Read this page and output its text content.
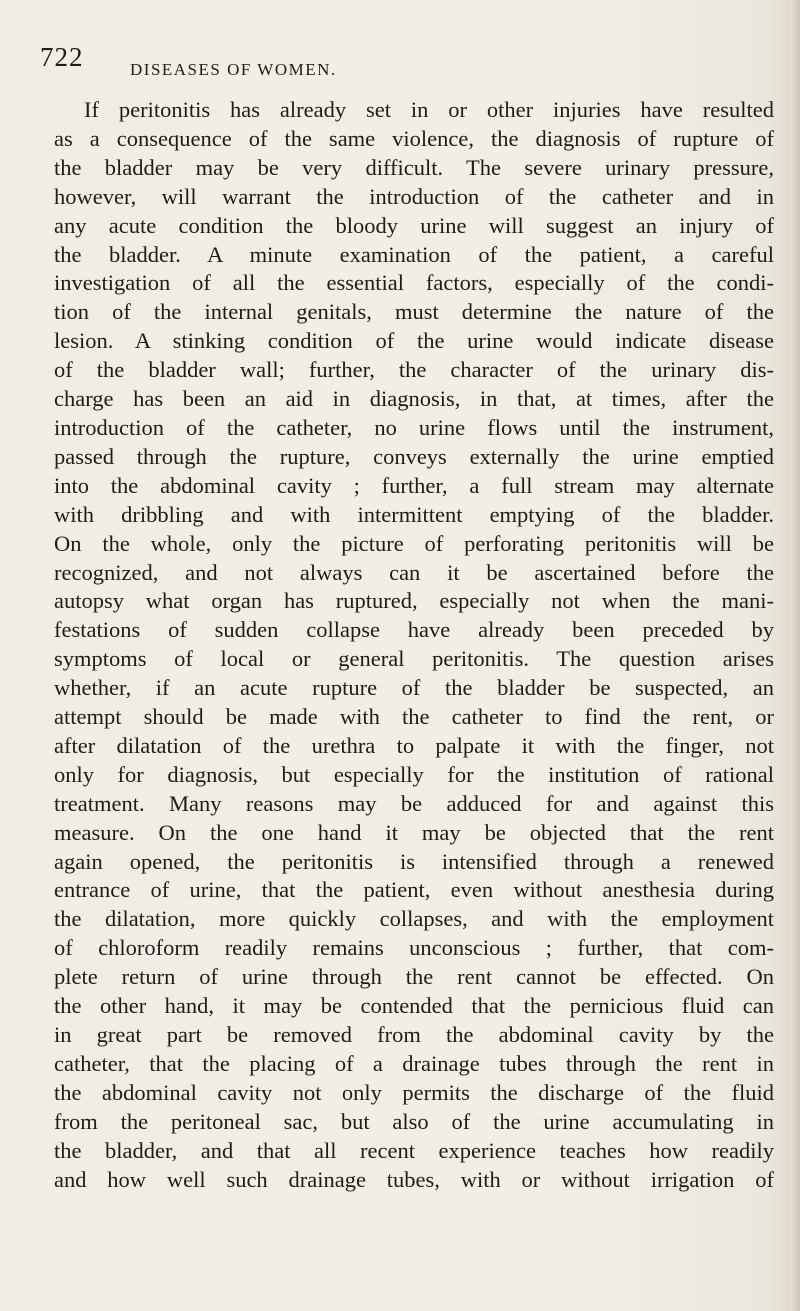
722	DISEASES OF WOMEN.
If peritonitis has already set in or other injuries have resulted
as a consequence of the same violence, the diagnosis of rupture of
the bladder may be very difficult. The severe urinary pressure,
however, will warrant the introduction of the catheter and in
any acute condition the bloody urine will suggest an injury of
the bladder. A minute examination of the patient, a careful
investigation of all the essential factors, especially of the condi-
tion of the internal genitals, must determine the nature of the
lesion. A stinking condition of the urine would indicate disease
of the bladder wall; further, the character of the urinary dis-
charge has been an aid in diagnosis, in that, at times, after the
introduction of the catheter, no urine flows until the instrument,
passed through the rupture, conveys externally the urine emptied
into the abdominal cavity ; further, a full stream may alternate
with dribbling and with intermittent emptying of the bladder.
On the whole, only the picture of perforating peritonitis will be
recognized, and not always can it be ascertained before the
autopsy what organ has ruptured, especially not when the mani-
festations of sudden collapse have already been preceded by
symptoms of local or general peritonitis. The question arises
whether, if an acute rupture of the bladder be suspected, an
attempt should be made with the catheter to find the rent, or
after dilatation of the urethra to palpate it with the finger, not
only for diagnosis, but especially for the institution of rational
treatment. Many reasons may be adduced for and against this
measure. On the one hand it may be objected that the rent
again opened, the peritonitis is intensified through a renewed
entrance of urine, that the patient, even without anesthesia during
the dilatation, more quickly collapses, and with the employment
of chloroform readily remains unconscious ; further, that com-
plete return of urine through the rent cannot be effected. On
the other hand, it may be contended that the pernicious fluid can
in great part be removed from the abdominal cavity by the
catheter, that the placing of a drainage tubes through the rent in
the abdominal cavity not only permits the discharge of the fluid
from the peritoneal sac, but also of the urine accumulating in
the bladder, and that all recent experience teaches how readily
and how well such drainage tubes, with or without irrigation of
